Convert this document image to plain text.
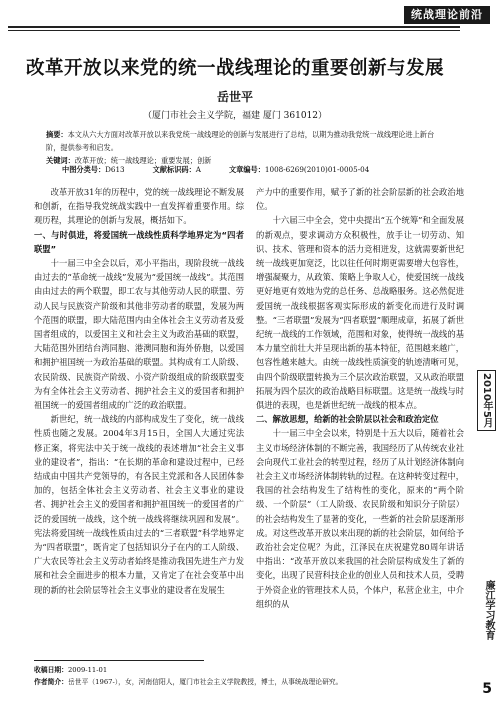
统战理论前沿
2010年5月
廉江学习教育
5
改革开放以来党的统一战线理论的重要创新与发展
岳世平
（厦门市社会主义学院，福建 厦门 361012）
摘要：本文从六大方面对改革开放以来我党统一战线理论的创新与发展进行了总结，以期为推动我党统一战线理论进上新台阶，提供参考和启发。
关键词：改革开放；统一战线理论；重要发展；创新
中图分类号：D613	文献标识码：A	文章编号：1008-6269(2010)01-0005-04

改革开放31年的历程中，党的统一战线理论不断发展和创新，在指导我党统战实践中一直发挥着重要作用。综观历程，其理论的创新与发展，概括如下。

一、与时俱进，将爱国统一战线性质科学地界定为“四者联盟”

十一届三中全会以后，邓小平指出，现阶段统一战线由过去的“革命统一战线”发展为“爱国统一战线”。其范围由由过去的两个联盟，即工农与其他劳动人民的联盟、劳动人民与民族资产阶级和其他非劳动者的联盟，发展为两个范围的联盟，即大陆范围内由全体社会主义劳动者及爱国者组成的，以爱国主义和社会主义为政治基础的联盟，大陆范围外团结台湾同胞、港澳同胞和海外侨胞，以爱国和拥护祖国统一为政治基础的联盟。其构成有工人阶级、农民阶级、民族资产阶级、小资产阶级组成的阶级联盟变为有全体社会主义劳动者、拥护社会主义的爱国者和拥护祖国统一的爱国者组成的广泛的政治联盟。

新世纪，统一战线的内部构成发生了变化，统一战线性质也随之发展。2004年3月15日，全国人大通过宪法修正案，将宪法中关于统一战线的表述增加“社会主义事业的建设者”，指出：“在长期的革命和建设过程中，已经结成由中国共产党领导的，有各民主党派和各人民团体参加的，包括全体社会主义劳动者、社会主义事业的建设者、拥护社会主义的爱国者和拥护祖国统一的爱国者的广泛的爱国统一战线，这个统一战线将继续巩固和发展”。宪法将爱国统一战线性质由过去的“三者联盟”科学地界定为“四者联盟”，既肯定了包括知识分子在内的工人阶级、广大农民等社会主义劳动者始终是推动我国先进生产力发展和社会全面进步的根本力量，又肯定了在社会变革中出现的新的社会阶层等社会主义事业的建设者在发展生

产力中的重要作用，赋予了新的社会阶层新的社会政治地位。

十六届三中全会，党中央提出“五个统筹”和全面发展的新观点，要求调动方众积极性，放手让一切劳动、知识、技术、管理和资本的活力竞相迸发，这就需要新世纪统一战线更加宽泛，比以往任何时期更需要增大包容性，增强凝聚力，从政策、策略上争取人心，使爱国统一战线更好地更有效地为党的总任务、总战略服务。这必然促进爱国统一战线根据客观实际形成的新变化而进行及时调整。“三者联盟”发展为“四者联盟”顺理成章，拓展了新世纪统一战线的工作领域，范围和对象，使得统一战线的基本力量空前壮大并呈现出新的基本特征，范围越来越广，包容性越来越大。由统一战线性质演变的轨迹清晰可见，由四个阶级联盟转换为三个层次政治联盟，又从政治联盟拓展为四个层次的政治战略目标联盟。这是统一战线与时俱进的表现，也是新世纪统一战线的根本点。

二、解放思想，给新的社会阶层以社会和政治定位

十一届三中全会以来，特别是十五大以后，随着社会主义市场经济体制的不断完善，我国经历了从传统农业社会向现代工业社会的转型过程，经历了从计划经济体制向社会主义市场经济体制转轨的过程。在这种转变过程中，我国的社会结构发生了结构性的变化，原来的“两个阶级、一个阶层”（工人阶级、农民阶级和知识分子阶层）的社会结构发生了显著的变化，一些新的社会阶层逐渐形成。对这些改革开放以来出现的新的社会阶层，如何给予政治社会定位呢？为此，江泽民在庆祝建党80周年讲话中指出：“改革开放以来我国的社会阶层构成发生了新的变化，出现了民营科技企业的创业人员和技术人员，受聘于外资企业的管理技术人员，个体户，私营企业主，中介组织的从

收稿日期：2009-11-01
作者简介：岳世平（1967-），女，河南信阳人，厦门市社会主义学院教授，博士，从事统战理论研究。
